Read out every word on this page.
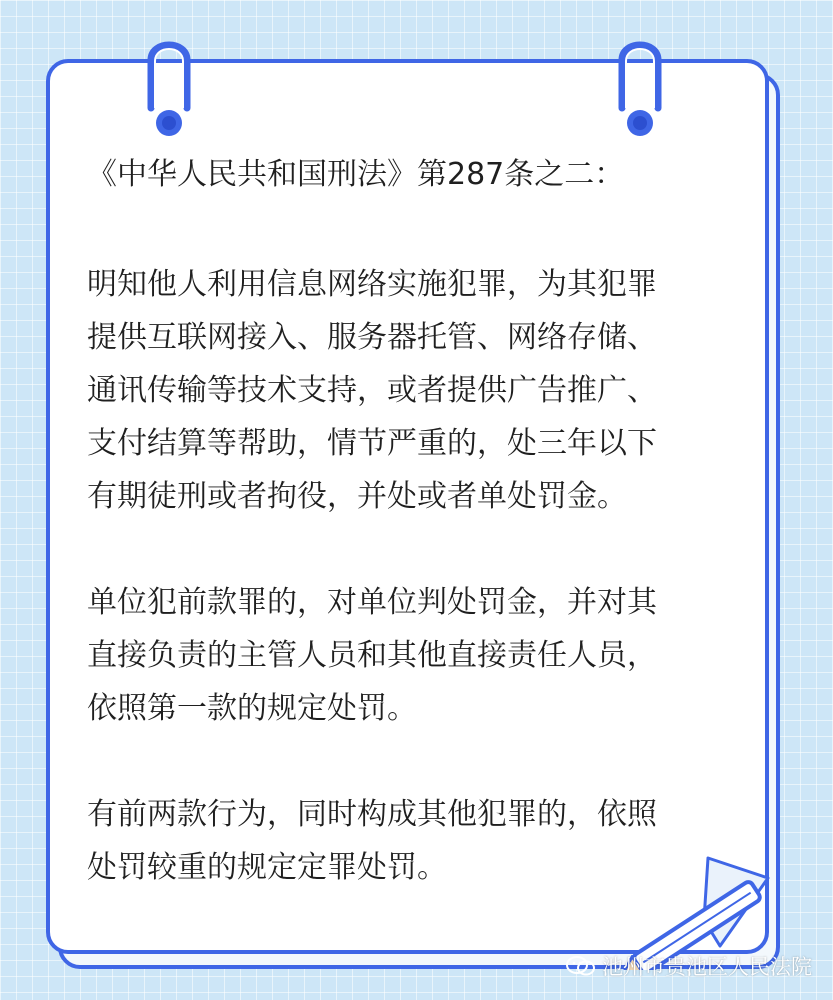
《中华人民共和国刑法》第287条之二：

明知他人利用信息网络实施犯罪，为其犯罪

提供互联网接入、服务器托管、网络存储、

通讯传输等技术支持，或者提供广告推广、

支付结算等帮助，情节严重的，处三年以下

有期徒刑或者拘役，并处或者单处罚金。

单位犯前款罪的，对单位判处罚金，并对其

直接负责的主管人员和其他直接责任人员，

依照第一款的规定处罚。

有前两款行为，同时构成其他犯罪的，依照

处罚较重的规定定罪处罚。

池州市贵池区人民法院
